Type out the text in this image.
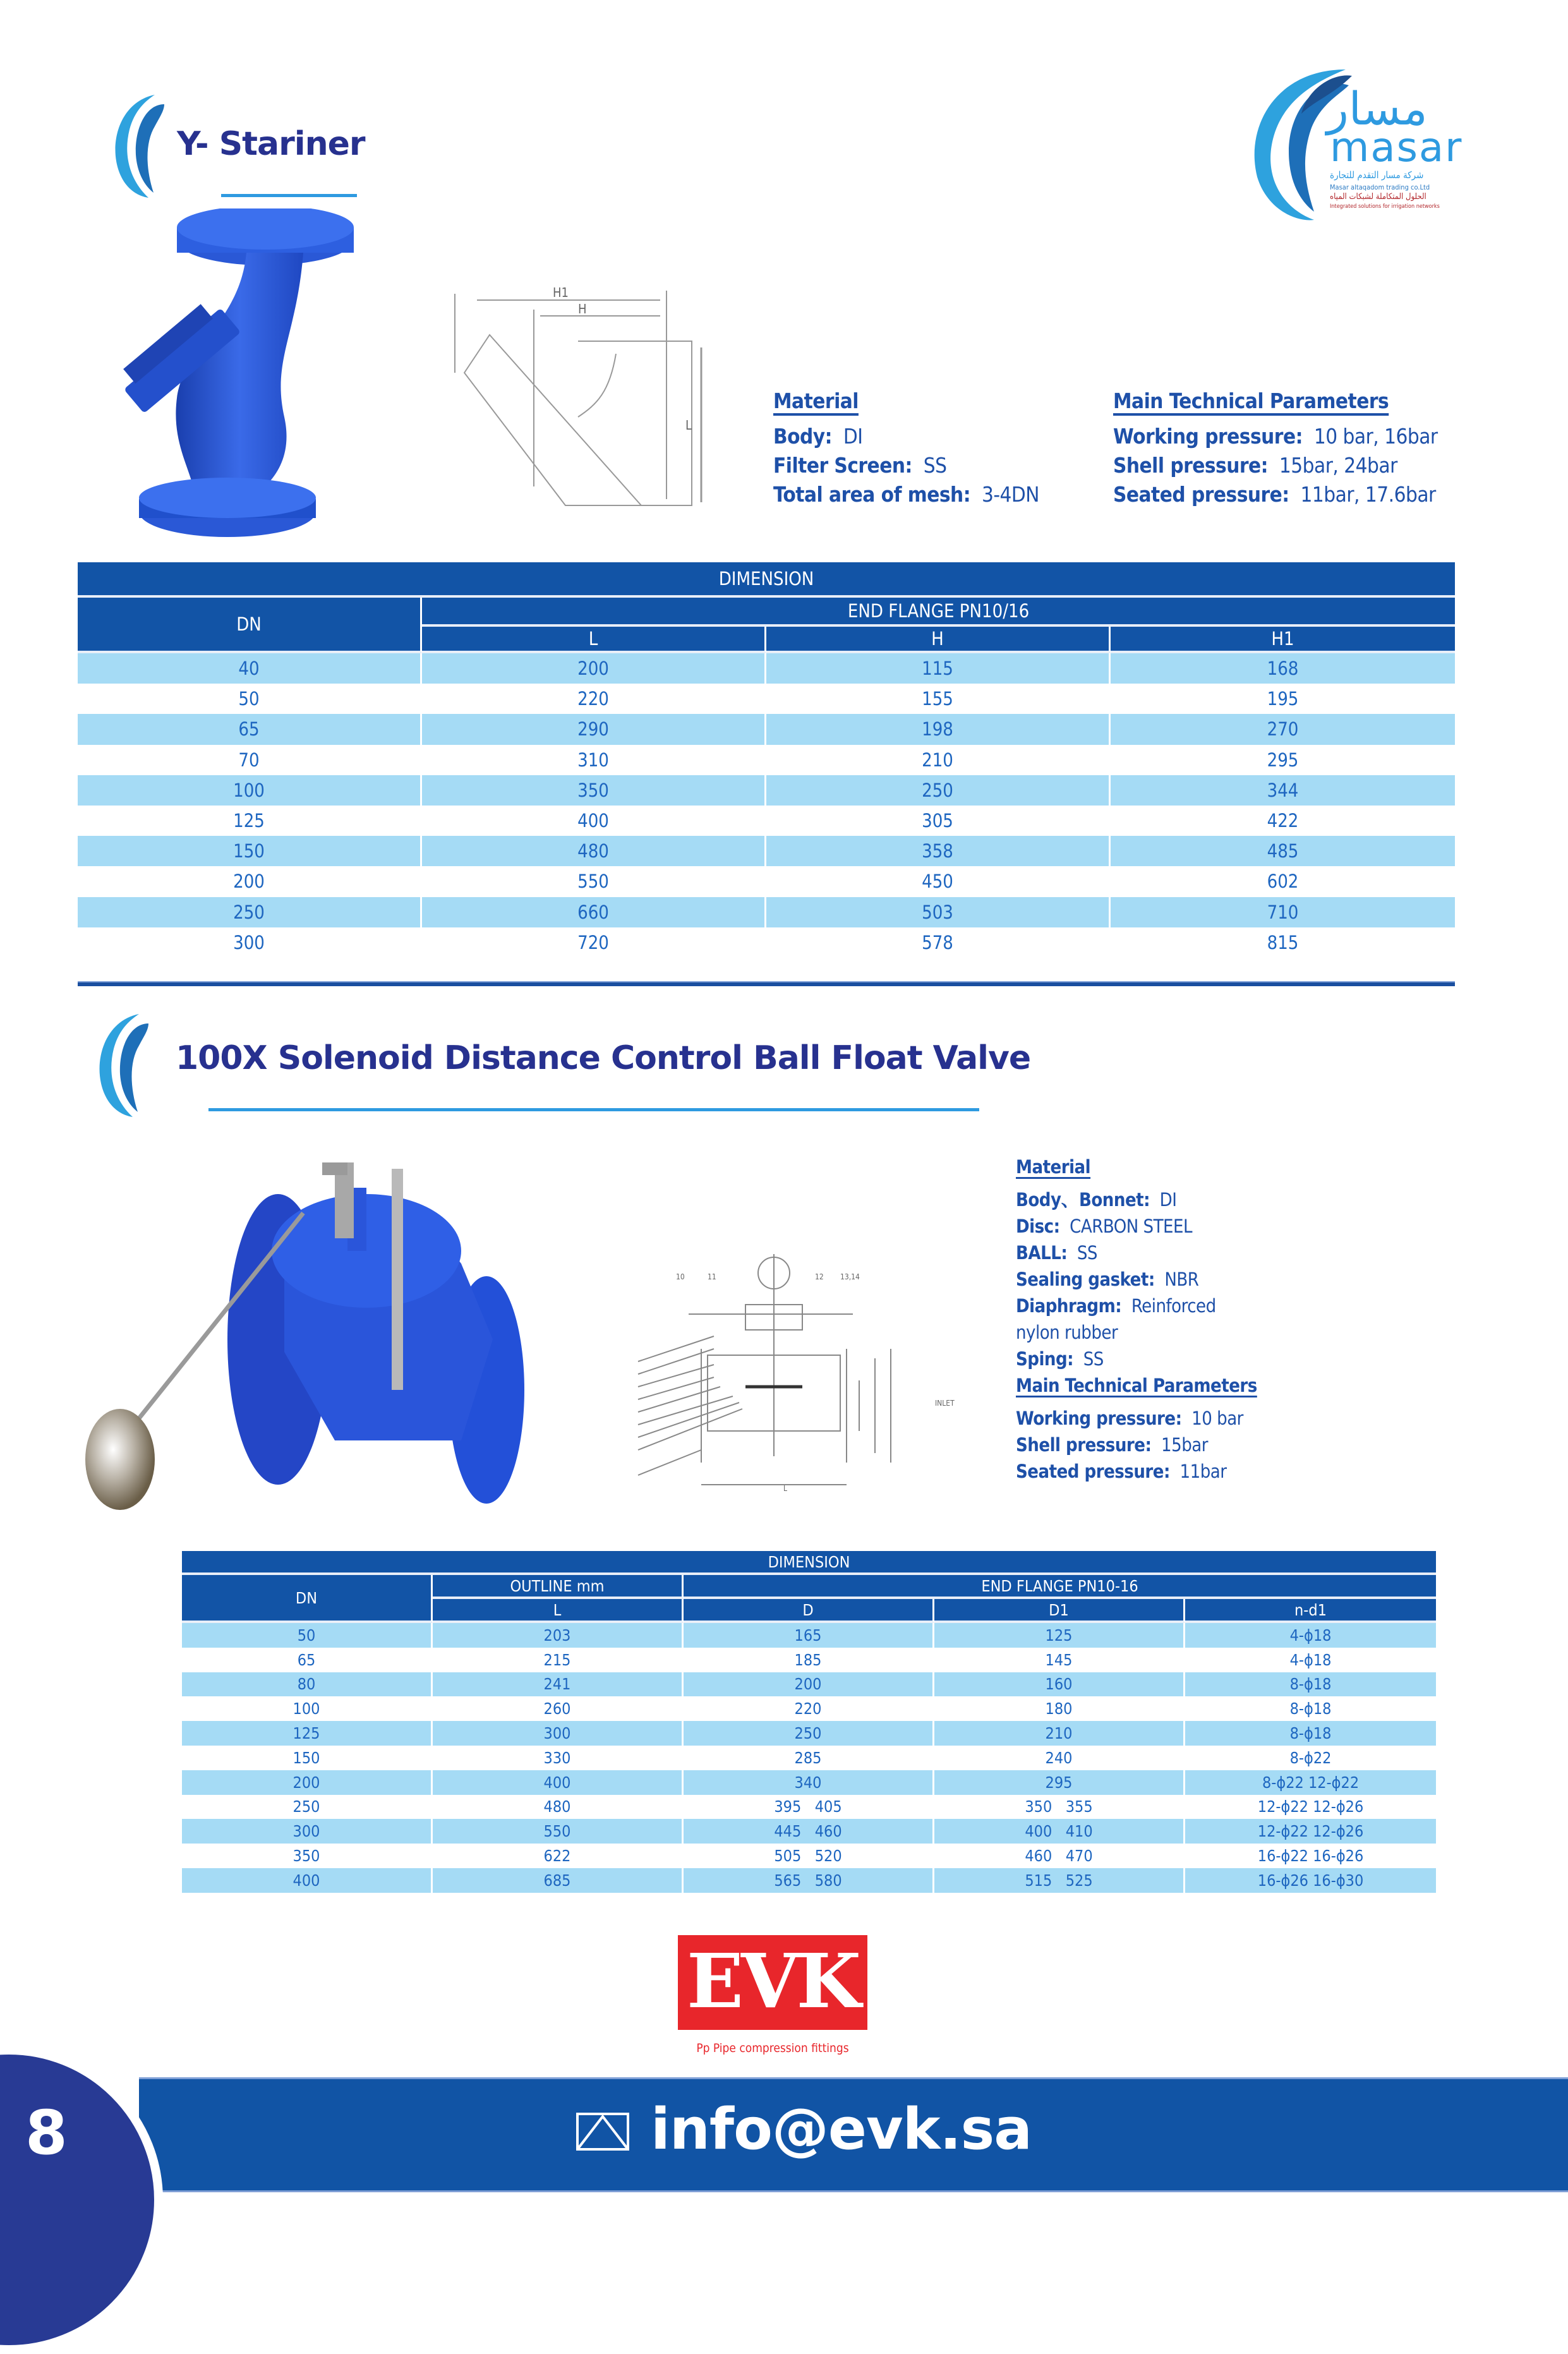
مسار
masar
شركة مسار التقدم للتجارة
Masar altaqadom trading co.Ltd
الحلول المتكاملة لشبكات المياه
Integrated solutions for irrigation networks
Y- Stariner
H1
H
L
Material
Body: DI
Filter Screen: SS
Total area of mesh: 3-4DN
Main Technical Parameters
Working pressure: 10 bar, 16bar
Shell pressure: 15bar, 24bar
Seated pressure: 11bar, 17.6bar
DIMENSION			
DN	END FLANGE PN10/16		
	L	H	H1
40	200	115	168
50	220	155	195
65	290	198	270
70	310	210	295
100	350	250	344
125	400	305	422
150	480	358	485
200	550	450	602
250	660	503	710
300	720	578	815
100X Solenoid Distance Control Ball Float Valve
10	11	12 13,14
L
INLET
Material
Body、Bonnet: DI
Disc: CARBON STEEL
BALL: SS
Sealing gasket: NBR
Diaphragm: Reinforced
nylon rubber
Sping: SS
Main Technical Parameters
Working pressure: 10 bar
Shell pressure: 15bar
Seated pressure: 11bar
DIMENSION				
DN	OUTLINE mm	END FLANGE PN10-16		
	L	D	D1	n-d1
50	203	165	125	4-ϕ18
65	215	185	145	4-ϕ18
80	241	200	160	8-ϕ18
100	260	220	180	8-ϕ18
125	300	250	210	8-ϕ18
150	330	285	240	8-ϕ22
200	400	340	295	8-ϕ22 12-ϕ22
250	480	395   405	350   355	12-ϕ22 12-ϕ26
300	550	445   460	400   410	12-ϕ22 12-ϕ26
350	622	505   520	460   470	16-ϕ22 16-ϕ26
400	685	565   580	515   525	16-ϕ26 16-ϕ30
EVK
Pp Pipe compression fittings
8	info@evk.sa
